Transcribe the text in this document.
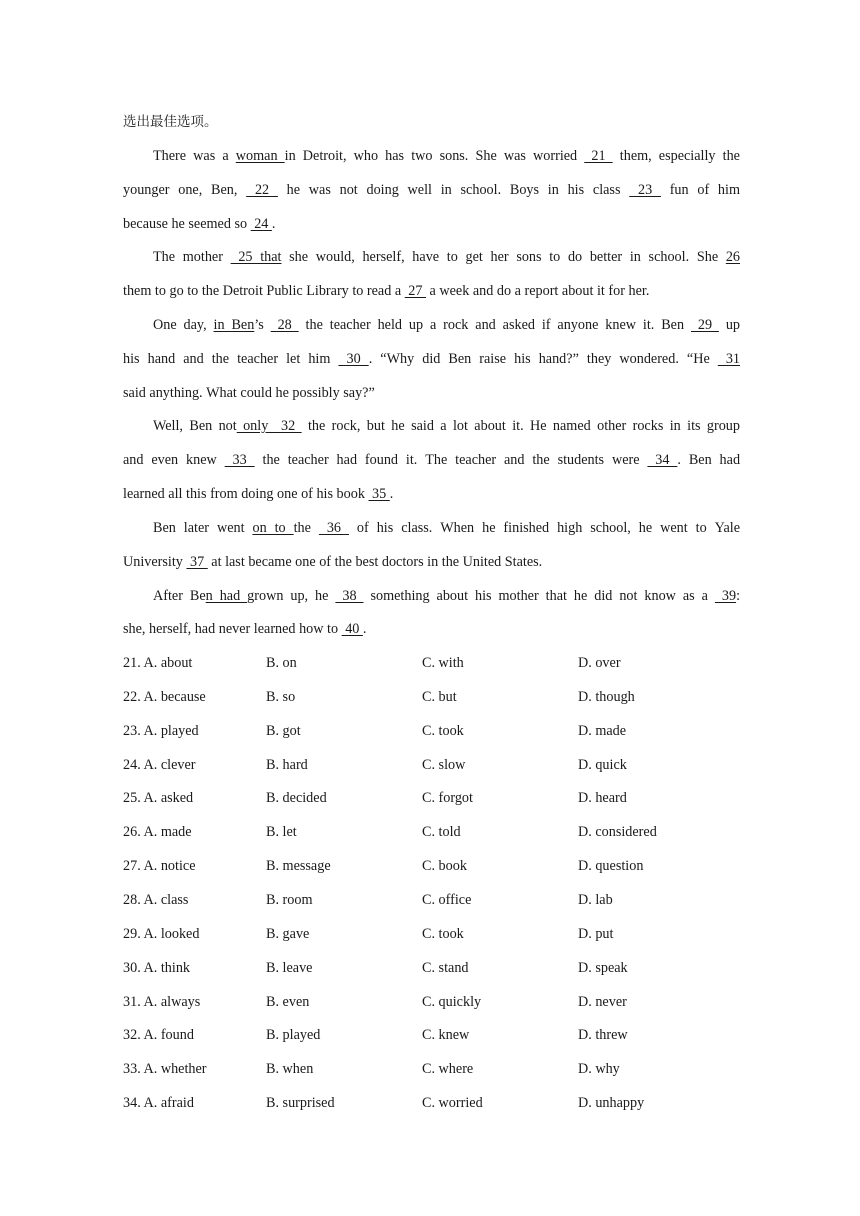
选出最佳选项。
There was a woman in Detroit, who has two sons. She was worried  21  them, especially the
younger one, Ben,  22  he was not doing well in school. Boys in his class  23  fun of him
because he seemed so  24 .
The mother  25 that she would, herself, have to get her sons to do better in school. She 26
them to go to the Detroit Public Library to read a  27  a week and do a report about it for her.
One day, in Ben’s  28  the teacher held up a rock and asked if anyone knew it. Ben  29  up
his hand and the teacher let him  30 . “Why did Ben raise his hand?” they wondered. “He  31
said anything. What could he possibly say?”
Well, Ben not only  32  the rock, but he said a lot about it. He named other rocks in its group
and even knew  33  the teacher had found it. The teacher and the students were  34 . Ben had
learned all this from doing one of his book  35 .
Ben later went on to the  36  of his class. When he finished high school, he went to Yale
University  37  at last became one of the best doctors in the United States.
After Ben had grown up, he  38  something about his mother that he did not know as a  39:
she, herself, had never learned how to  40 .
21. A. about	B. on	C. with	D. over
22. A. because	B. so	C. but	D. though
23. A. played	B. got	C. took	D. made
24. A. clever	B. hard	C. slow	D. quick
25. A. asked	B. decided	C. forgot	D. heard
26. A. made	B. let	C. told	D. considered
27. A. notice	B. message	C. book	D. question
28. A. class	B. room	C. office	D. lab
29. A. looked	B. gave	C. took	D. put
30. A. think	B. leave	C. stand	D. speak
31. A. always	B. even	C. quickly	D. never
32. A. found	B. played	C. knew	D. threw
33. A. whether	B. when	C. where	D. why
34. A. afraid	B. surprised	C. worried	D. unhappy
